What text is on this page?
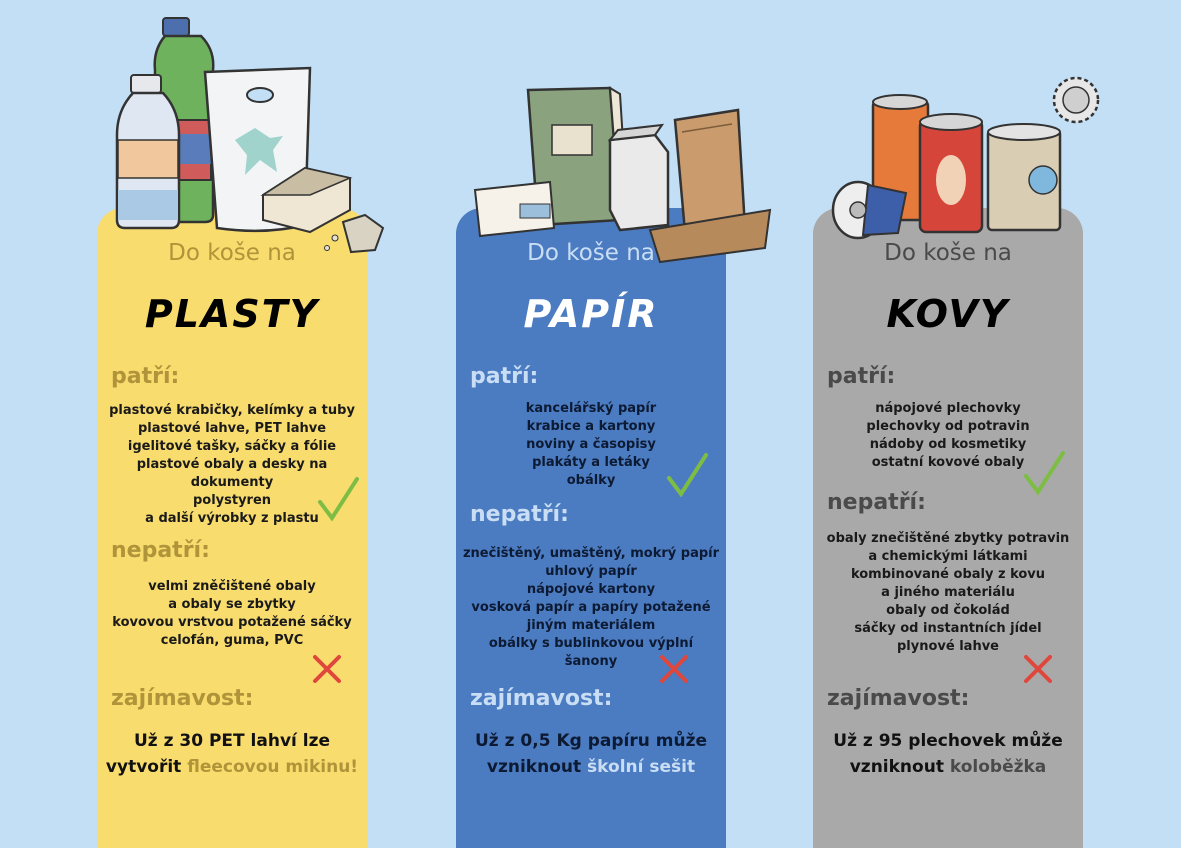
Do koše na
PLASTY
patří:
plastové krabičky, kelímky a tuby
plastové lahve, PET lahve
igelitové tašky, sáčky a fólie
plastové obaly a desky na dokumenty
polystyren
a další výrobky z plastu
nepatří:
velmi zněčištené obaly
a obaly se zbytky
kovovou vrstvou potažené sáčky
celofán, guma, PVC
zajímavost:
Už z 30 PET lahví lze
vytvořit fleecovou mikinu!
Do koše na
PAPÍR
patří:
kancelářský papír
krabice a kartony
noviny a časopisy
plakáty a letáky
obálky
nepatří:
znečištěný, umaštěný, mokrý papír
uhlový papír
nápojové kartony
vosková papír a papíry potažené
jiným materiálem
obálky s bublinkovou výplní
šanony
zajímavost:
Už z 0,5 Kg papíru může
vzniknout školní sešit
Do koše na
KOVY
patří:
nápojové plechovky
plechovky od potravin
nádoby od kosmetiky
ostatní kovové obaly
nepatří:
obaly znečištěné zbytky potravin
a chemickými látkami
kombinované obaly z kovu
a jiného materiálu
obaly od čokolád
sáčky od instantních jídel
plynové lahve
zajímavost:
Už z 95 plechovek může
vzniknout koloběžka
